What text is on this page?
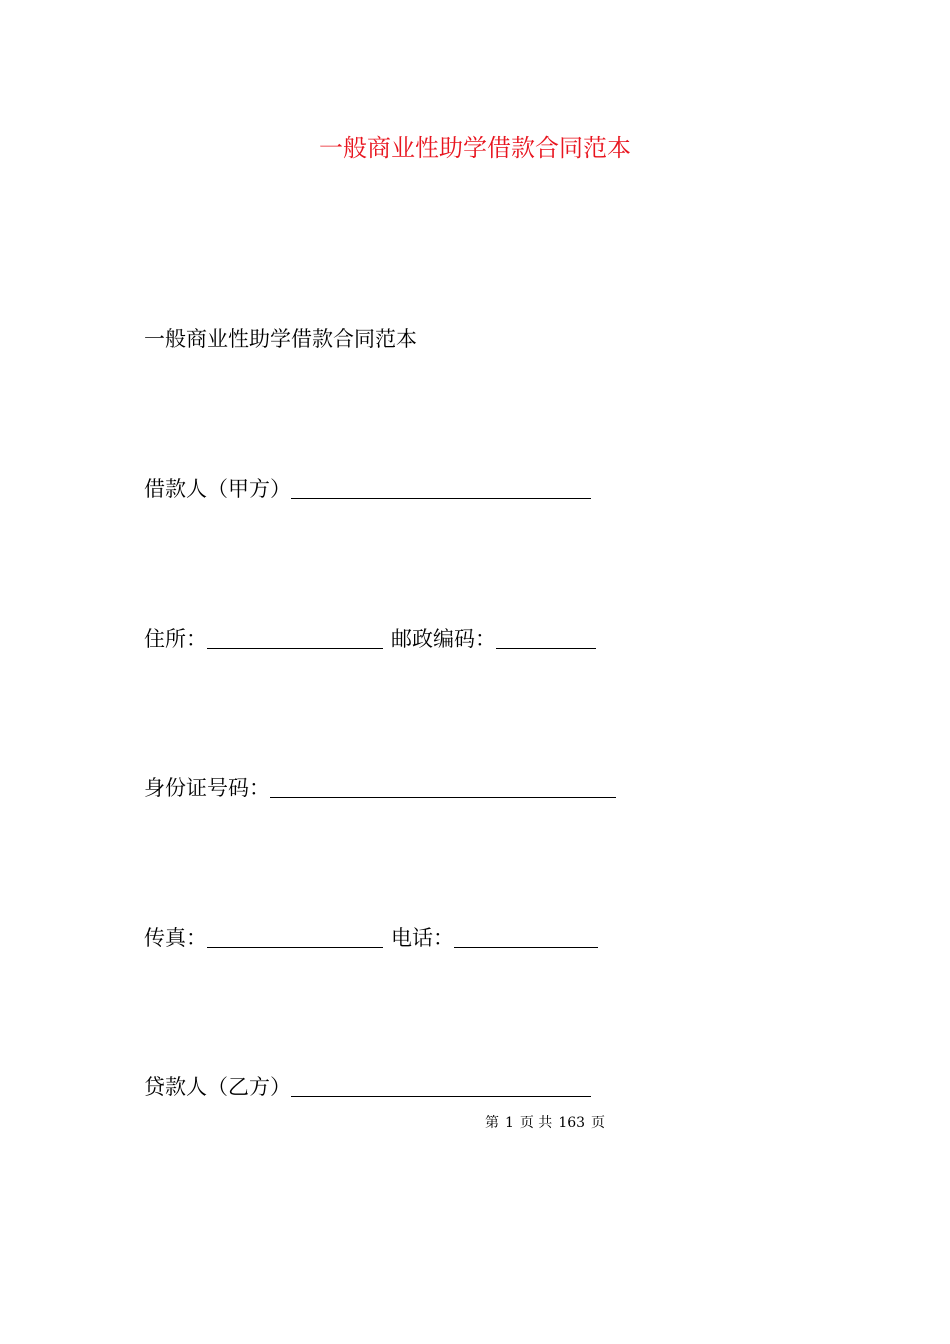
一般商业性助学借款合同范本
一般商业性助学借款合同范本
借款人（甲方）
住所：	邮政编码：
身份证号码：
传真：	电话：
贷款人（乙方）
第 1 页 共 163 页
